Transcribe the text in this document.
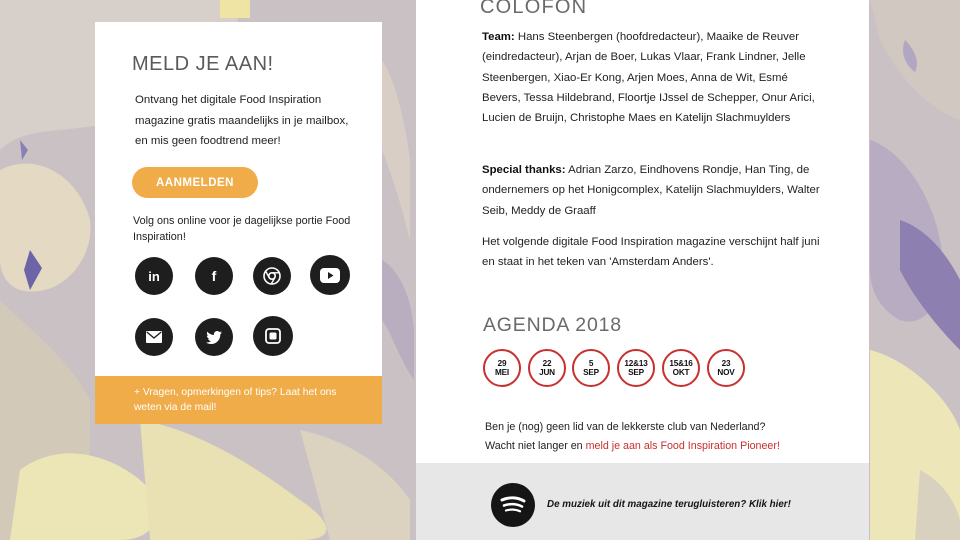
MELD JE AAN!

Ontvang het digitale Food Inspiration magazine gratis maandelijks in je mailbox, en mis geen foodtrend meer!

AANMELDEN

Volg ons online voor je dagelijkse portie Food Inspiration!

in	f
+ Vragen, opmerkingen of tips? Laat het ons weten via de mail!
COLOFON

Team: Hans Steenbergen (hoofdredacteur), Maaike de Reuver (eindredacteur), Arjan de Boer, Lukas Vlaar, Frank Lindner, Jelle Steenbergen, Xiao-Er Kong, Arjen Moes, Anna de Wit, Esmé Bevers, Tessa Hildebrand, Floortje IJssel de Schepper, Onur Arici, Lucien de Bruijn, Christophe Maes en Katelijn Slachmuylders

Special thanks: Adrian Zarzo, Eindhovens Rondje, Han Ting, de ondernemers op het Honigcomplex, Katelijn Slachmuylders, Walter Seib, Meddy de Graaff

Het volgende digitale Food Inspiration magazine verschijnt half juni en staat in het teken van 'Amsterdam Anders'.

AGENDA 2018
29
MEI
22
JUN
5
SEP
12&13
SEP
15&16
OKT
23
NOV

Ben je (nog) geen lid van de lekkerste club van Nederland?
Wacht niet langer en meld je aan als Food Inspiration Pioneer!

De muziek uit dit magazine terugluisteren? Klik hier!
